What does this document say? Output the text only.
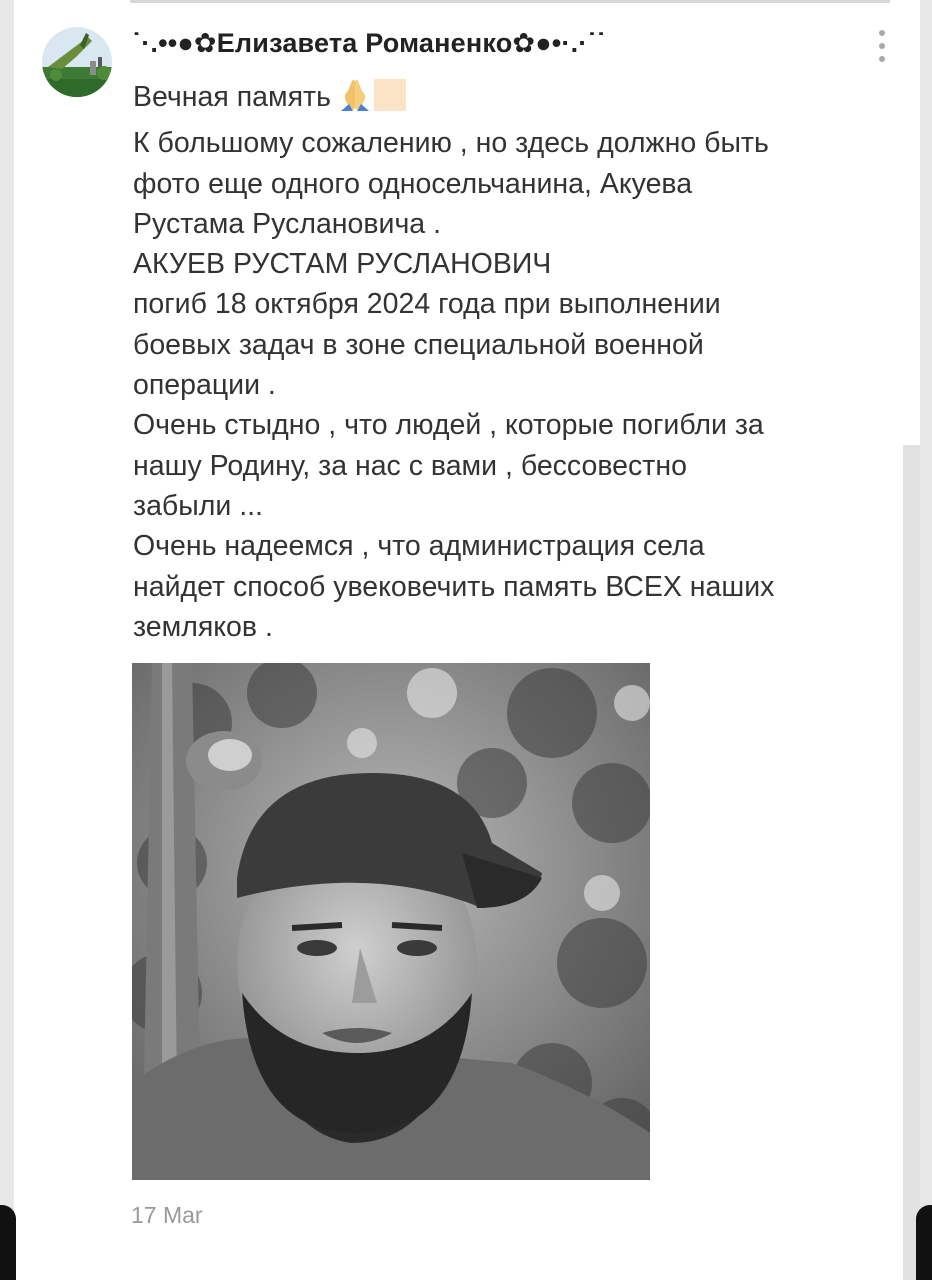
˙·.••●✿Елизавета Романенко✿●•·.·˙˙
Вечная память
К большому сожалению , но здесь должно быть
фото еще одного односельчанина, Акуева
Рустама Руслановича .
АКУЕВ РУСТАМ РУСЛАНОВИЧ
погиб 18 октября 2024 года при выполнении
боевых задач в зоне специальной военной
операции .
Очень стыдно , что людей , которые погибли за
нашу Родину, за нас с вами , бессовестно
забыли ...
Очень надеемся , что администрация села
найдет способ увековечить память ВСЕХ наших
земляков .
17 Mar
